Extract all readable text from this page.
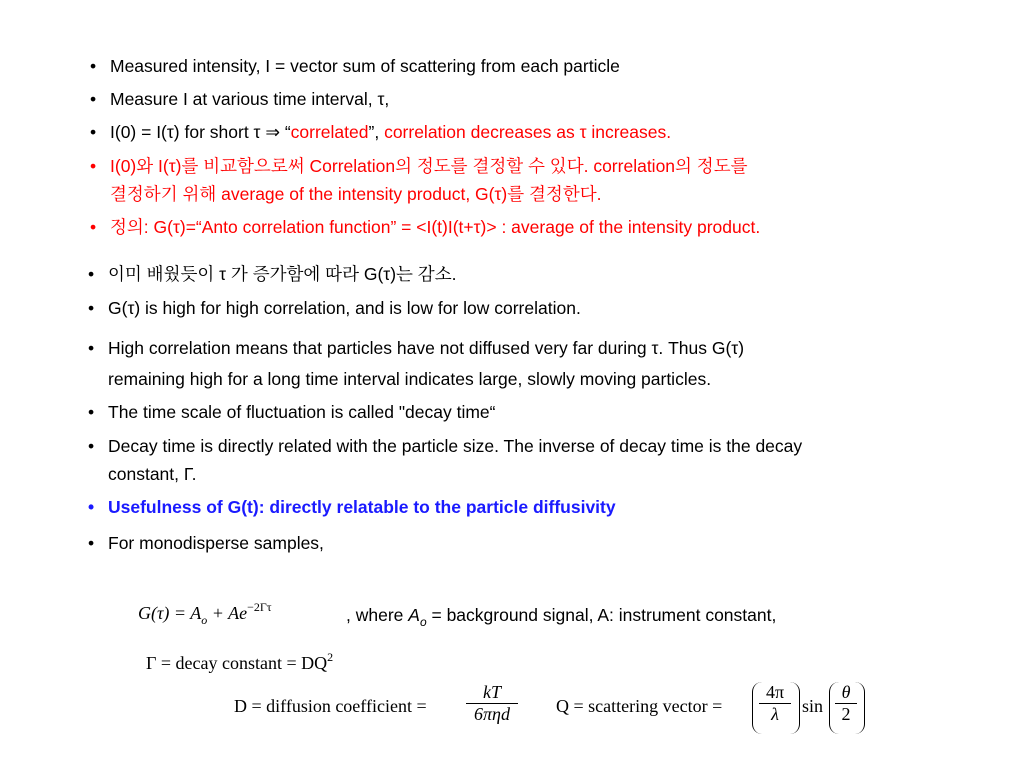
• Measured intensity, I = vector sum of scattering from each particle
• Measure I at various time interval, τ,
• I(0) = I(τ) for short τ ⇒ “correlated”, correlation decreases as τ increases.
• I(0)와 I(τ)를 비교함으로써 Correlation의 정도를 결정할 수 있다. correlation의 정도를
결정하기 위해 average of the intensity product, G(τ)를 결정한다.
• 정의: G(τ)=“Anto correlation function” = <I(t)I(t+τ)> : average of the intensity product.
• 이미 배웠듯이 τ 가 증가함에 따라 G(τ)는 감소.
• G(τ) is high for high correlation, and is low for low correlation.
• High correlation means that particles have not diffused very far during τ. Thus G(τ)
remaining high for a long time interval indicates large, slowly moving particles.
• The time scale of fluctuation is called "decay time“
• Decay time is directly related with the particle size. The inverse of decay time is the decay
constant, Γ.
• Usefulness of G(t): directly relatable to the particle diffusivity
• For monodisperse samples,
$G(\tau) = A_o + Ae^{-2\Gamma\tau}$	, where $A_o$ = background signal, A: instrument constant,
Γ = decay constant = $DQ^2$
D = diffusion coefficient =
kT
6πηd	Q = scattering vector =
4π
λ	sin
θ
2
